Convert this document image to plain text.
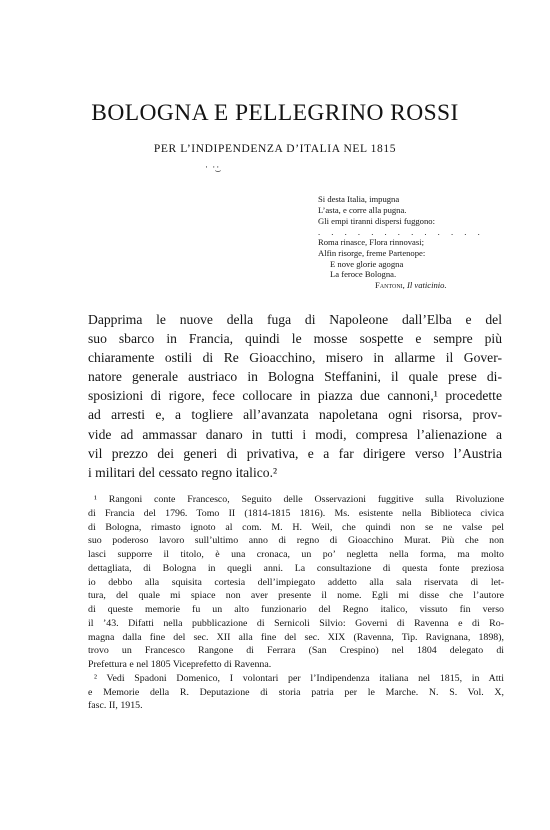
BOLOGNA E PELLEGRINO ROSSI
PER L’INDIPENDENZA D’ITALIA NEL 1815
· ·͜·
Si desta Italia, impugna
L’asta, e corre alla pugna.
Gli empi tiranni dispersi fuggono:
. . . . . . . . . . . . .
Roma rinasce, Flora rinnovasi;
Alfin risorge, freme Partenope:
E nove glorie agogna
La feroce Bologna.
Fantoni, Il vaticinio.
Dapprima le nuove della fuga di Napoleone dall’Elba e del
suo sbarco in Francia, quindi le mosse sospette e sempre più
chiaramente ostili di Re Gioacchino, misero in allarme il Gover-
natore generale austriaco in Bologna Steffanini, il quale prese di-
sposizioni di rigore, fece collocare in piazza due cannoni,¹ procedette
ad arresti e, a togliere all’avanzata napoletana ogni risorsa, prov-
vide ad ammassar danaro in tutti i modi, compresa l’alienazione a
vil prezzo dei generi di privativa, e a far dirigere verso l’Austria
i militari del cessato regno italico.²
¹ Rangoni conte Francesco, Seguito delle Osservazioni fuggitive sulla Rivoluzione
di Francia del 1796. Tomo II (1814-1815 1816). Ms. esistente nella Biblioteca civica
di Bologna, rimasto ignoto al com. M. H. Weil, che quindi non se ne valse pel
suo poderoso lavoro sull’ultimo anno di regno di Gioacchino Murat. Più che non
lasci supporre il titolo, è una cronaca, un po’ negletta nella forma, ma molto
dettagliata, di Bologna in quegli anni. La consultazione di questa fonte preziosa
io debbo alla squisita cortesia dell’impiegato addetto alla sala riservata di let-
tura, del quale mi spiace non aver presente il nome. Egli mi disse che l’autore
di queste memorie fu un alto funzionario del Regno italico, vissuto fin verso
il ’43. Difatti nella pubblicazione di Sernicoli Silvio: Governi di Ravenna e di Ro-
magna dalla fine del sec. XII alla fine del sec. XIX (Ravenna, Tip. Ravignana, 1898),
trovo un Francesco Rangone di Ferrara (San Crespino) nel 1804 delegato di
Prefettura e nel 1805 Viceprefetto di Ravenna.
² Vedi Spadoni Domenico, I volontari per l’Indipendenza italiana nel 1815, in Atti
e Memorie della R. Deputazione di storia patria per le Marche. N. S. Vol. X,
fasc. II, 1915.
